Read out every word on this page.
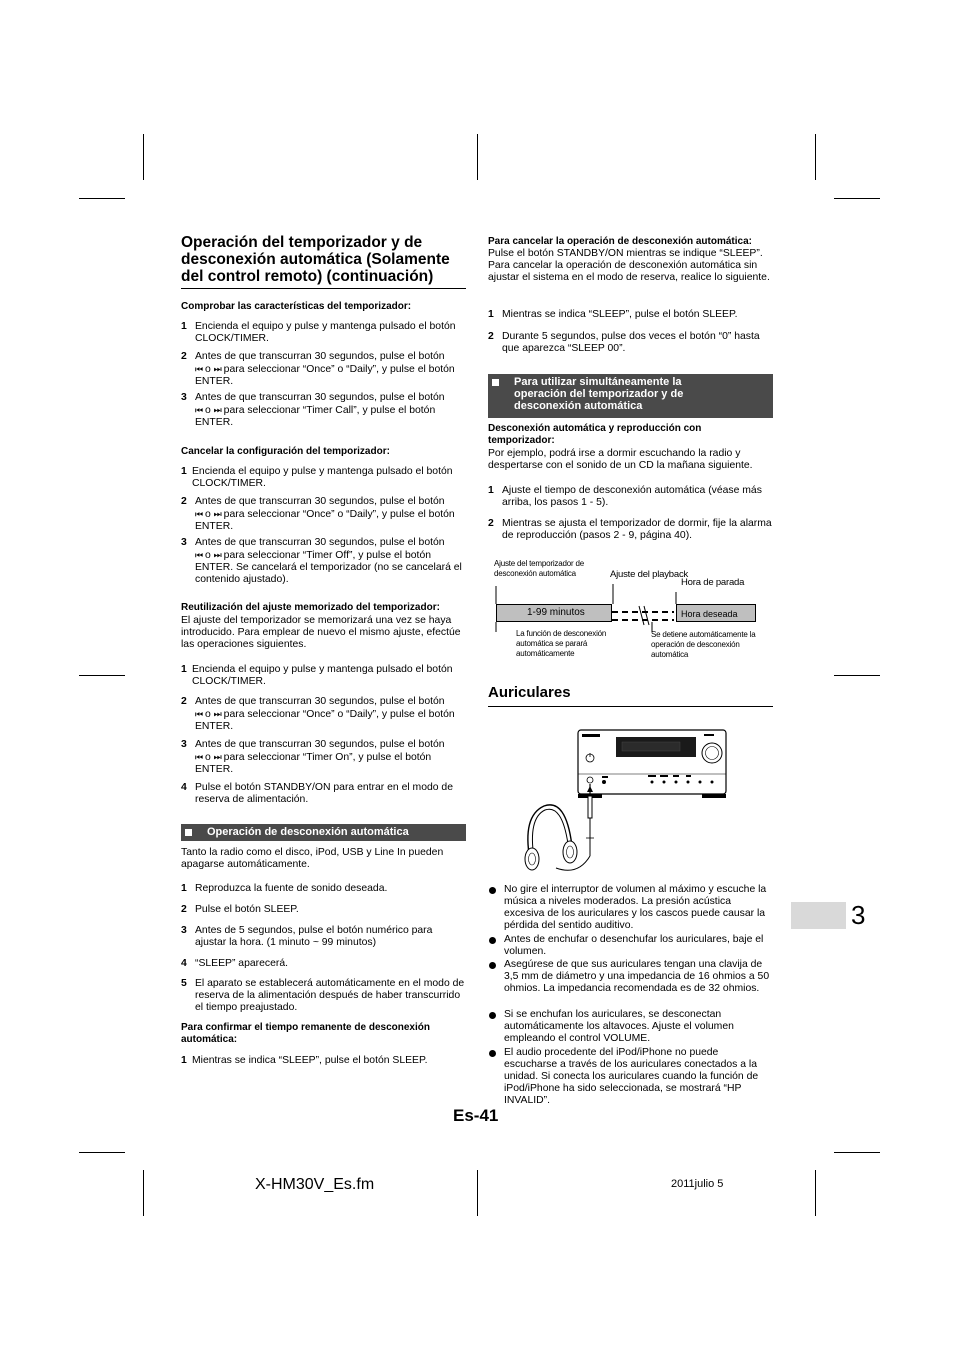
Operación del temporizador y de desconexión automática (Solamente del control remoto) (continuación)
Comprobar las características del temporizador:
1 Encienda el equipo y pulse y mantenga pulsado el botón CLOCK/TIMER.
2 Antes de que transcurran 30 segundos, pulse el botón
⏮ o ⏭ para seleccionar “Once” o “Daily”, y pulse el botón ENTER.
3 Antes de que transcurran 30 segundos, pulse el botón
⏮ o ⏭ para seleccionar “Timer Call”, y pulse el botón ENTER.
Cancelar la configuración del temporizador:
1 Encienda el equipo y pulse y mantenga pulsado el botón CLOCK/TIMER.
2 Antes de que transcurran 30 segundos, pulse el botón
⏮ o ⏭ para seleccionar “Once” o “Daily”, y pulse el botón ENTER.
3 Antes de que transcurran 30 segundos, pulse el botón
⏮ o ⏭ para seleccionar “Timer Off”, y pulse el botón ENTER. Se cancelará el temporizador (no se cancelará el contenido ajustado).
Reutilización del ajuste memorizado del temporizador:
El ajuste del temporizador se memorizará una vez se haya introducido. Para emplear de nuevo el mismo ajuste, efectúe las operaciones siguientes.
1 Encienda el equipo y pulse y mantenga pulsado el botón CLOCK/TIMER.
2 Antes de que transcurran 30 segundos, pulse el botón
⏮ o ⏭ para seleccionar “Once” o “Daily”, y pulse el botón ENTER.
3 Antes de que transcurran 30 segundos, pulse el botón
⏮ o ⏭ para seleccionar “Timer On”, y pulse el botón ENTER.
4 Pulse el botón STANDBY/ON para entrar en el modo de reserva de alimentación.
Operación de desconexión automática
Tanto la radio como el disco, iPod, USB y Line In pueden apagarse automáticamente.
1 Reproduzca la fuente de sonido deseada.
2 Pulse el botón SLEEP.
3 Antes de 5 segundos, pulse el botón numérico para ajustar la hora. (1 minuto ~ 99 minutos)
4 “SLEEP” aparecerá.
5 El aparato se establecerá automáticamente en el modo de reserva de la alimentación después de haber transcurrido el tiempo preajustado.
Para confirmar el tiempo remanente de desconexión automática:
1 Mientras se indica “SLEEP”, pulse el botón SLEEP.
Para cancelar la operación de desconexión automática:
Pulse el botón STANDBY/ON mientras se indique “SLEEP”. Para cancelar la operación de desconexión automática sin ajustar el sistema en el modo de reserva, realice lo siguiente.
1 Mientras se indica “SLEEP”, pulse el botón SLEEP.
2 Durante 5 segundos, pulse dos veces el botón “0” hasta que aparezca “SLEEP 00”.
Para utilizar simultáneamente la operación del temporizador y de desconexión automática
Desconexión automática y reproducción con temporizador:
Por ejemplo, podrá irse a dormir escuchando la radio y despertarse con el sonido de un CD la mañana siguiente.
1 Ajuste el tiempo de desconexión automática (véase más arriba, los pasos 1 - 5).
2 Mientras se ajusta el temporizador de dormir, fije la alarma de reproducción (pasos 2 - 9, página 40).
Ajuste del temporizador de desconexión automática	Ajuste del playback
Hora de parada
1-99 minutos	Hora deseada
La función de desconexión automática se parará automáticamente
Se detiene automáticamente la operación de desconexión automática
Auriculares
No gire el interruptor de volumen al máximo y escuche la música a niveles moderados. La presión acústica excesiva de los auriculares y los cascos puede causar la pérdida del sentido auditivo.
Antes de enchufar o desenchufar los auriculares, baje el volumen.
Asegúrese de que sus auriculares tengan una clavija de 3,5 mm de diámetro y una impedancia de 16 ohmios a 50 ohmios. La impedancia recomendada es de 32 ohmios.
Si se enchufan los auriculares, se desconectan automáticamente los altavoces. Ajuste el volumen empleando el control VOLUME.
El audio procedente del iPod/iPhone no puede escucharse a través de los auriculares conectados a la unidad. Si conecta los auriculares cuando la función de iPod/iPhone ha sido seleccionada, se mostrará “HP INVALID”.
3
Es-41
X-HM30V_Es.fm	2011julio 5
